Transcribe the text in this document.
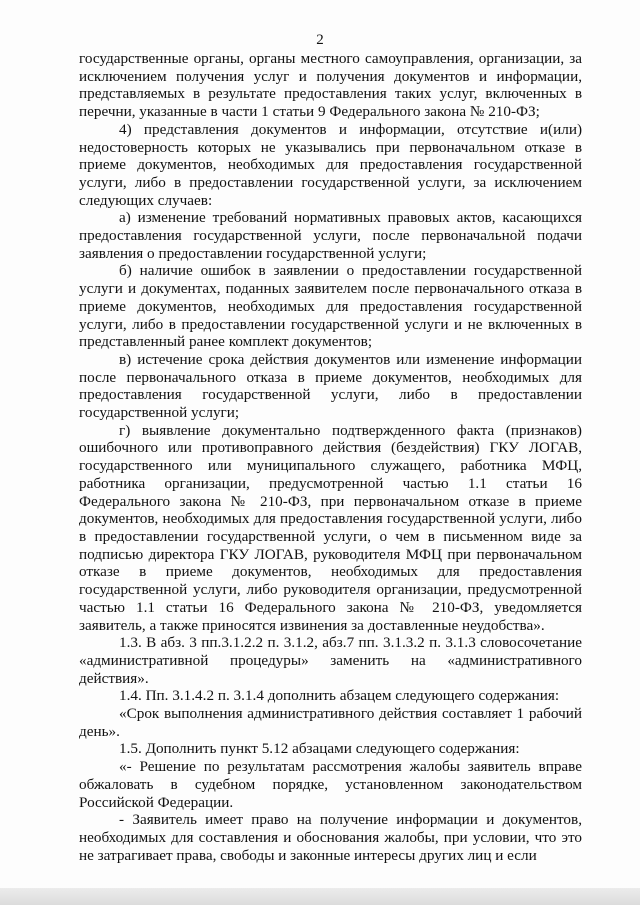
2

государственные органы, органы местного самоуправления, организации, за исключением получения услуг и получения документов и информации, представляемых в результате предоставления таких услуг, включенных в перечни, указанные в части 1 статьи 9 Федерального закона № 210-ФЗ;

4) представления документов и информации, отсутствие и(или) недостоверность которых не указывались при первоначальном отказе в приеме документов, необходимых для предоставления государственной услуги, либо в предоставлении государственной услуги, за исключением следующих случаев:

а) изменение требований нормативных правовых актов, касающихся предоставления государственной услуги, после первоначальной подачи заявления о предоставлении государственной услуги;

б) наличие ошибок в заявлении о предоставлении государственной услуги и документах, поданных заявителем после первоначального отказа в приеме документов, необходимых для предоставления государственной услуги, либо в предоставлении государственной услуги и не включенных в представленный ранее комплект документов;

в) истечение срока действия документов или изменение информации после первоначального отказа в приеме документов, необходимых для предоставления государственной услуги, либо в предоставлении государственной услуги;

г) выявление документально подтвержденного факта (признаков) ошибочного или противоправного действия (бездействия) ГКУ ЛОГАВ, государственного или муниципального служащего, работника МФЦ, работника организации, предусмотренной частью 1.1 статьи 16 Федерального закона № 210-ФЗ, при первоначальном отказе в приеме документов, необходимых для предоставления государственной услуги, либо в предоставлении государственной услуги, о чем в письменном виде за подписью директора ГКУ ЛОГАВ, руководителя МФЦ при первоначальном отказе в приеме документов, необходимых для предоставления государственной услуги, либо руководителя организации, предусмотренной частью 1.1 статьи 16 Федерального закона № 210-ФЗ, уведомляется заявитель, а также приносятся извинения за доставленные неудобства».

1.3. В абз. 3 пп.3.1.2.2 п. 3.1.2, абз.7 пп. 3.1.3.2 п. 3.1.3 словосочетание «административной процедуры» заменить на «административного действия».

1.4. Пп. 3.1.4.2 п. 3.1.4 дополнить абзацем следующего содержания:

«Срок выполнения административного действия составляет 1 рабочий день».

1.5. Дополнить пункт 5.12 абзацами следующего содержания:

«- Решение по результатам рассмотрения жалобы заявитель вправе обжаловать в судебном порядке, установленном законодательством Российской Федерации.

- Заявитель имеет право на получение информации и документов, необходимых для составления и обоснования жалобы, при условии, что это не затрагивает права, свободы и законные интересы других лиц и если
